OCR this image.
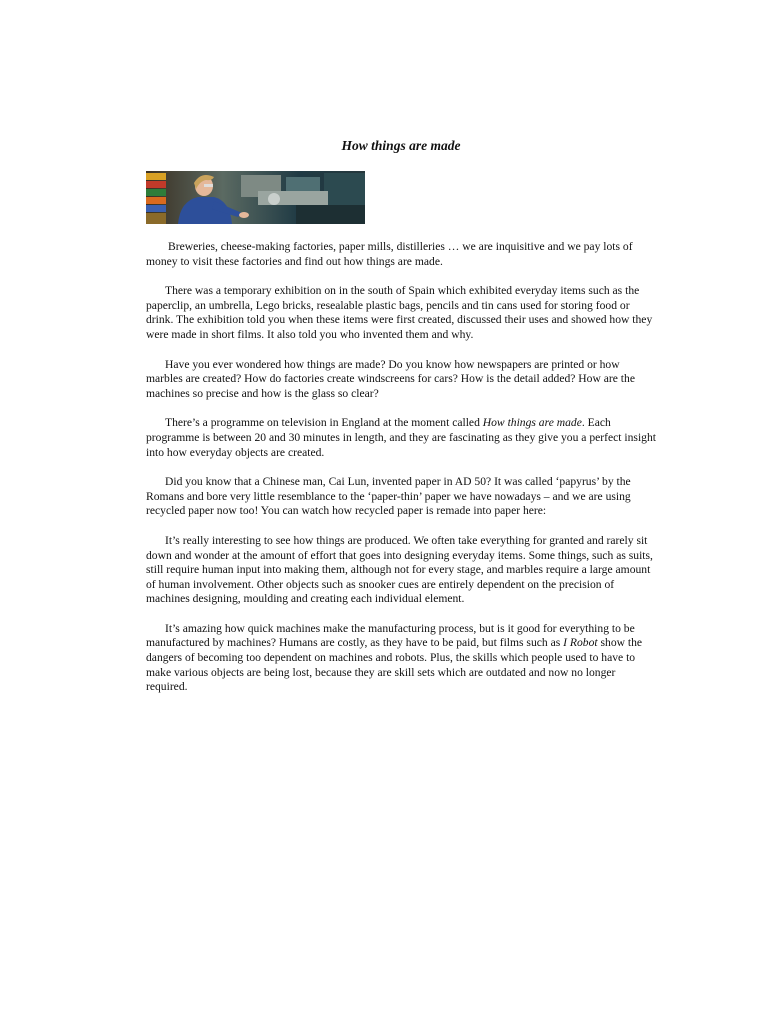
How things are made

Breweries, cheese-making factories, paper mills, distilleries … we are inquisitive and we pay lots of money to visit these factories and find out how things are made.

There was a temporary exhibition on in the south of Spain which exhibited everyday items such as the paperclip, an umbrella, Lego bricks, resealable plastic bags, pencils and tin cans used for storing food or drink. The exhibition told you when these items were first created, discussed their uses and showed how they were made in short films. It also told you who invented them and why.

Have you ever wondered how things are made? Do you know how newspapers are printed or how marbles are created? How do factories create windscreens for cars? How is the detail added? How are the machines so precise and how is the glass so clear?

There’s a programme on television in England at the moment called How things are made. Each programme is between 20 and 30 minutes in length, and they are fascinating as they give you a perfect insight into how everyday objects are created.

Did you know that a Chinese man, Cai Lun, invented paper in AD 50? It was called ‘papyrus’ by the Romans and bore very little resemblance to the ‘paper-thin’ paper we have nowadays – and we are using recycled paper now too! You can watch how recycled paper is remade into paper here:

It’s really interesting to see how things are produced. We often take everything for granted and rarely sit down and wonder at the amount of effort that goes into designing everyday items. Some things, such as suits, still require human input into making them, although not for every stage, and marbles require a large amount of human involvement. Other objects such as snooker cues are entirely dependent on the precision of machines designing, moulding and creating each individual element.

It’s amazing how quick machines make the manufacturing process, but is it good for everything to be manufactured by machines? Humans are costly, as they have to be paid, but films such as I Robot show the dangers of becoming too dependent on machines and robots. Plus, the skills which people used to have to make various objects are being lost, because they are skill sets which are outdated and now no longer required.
